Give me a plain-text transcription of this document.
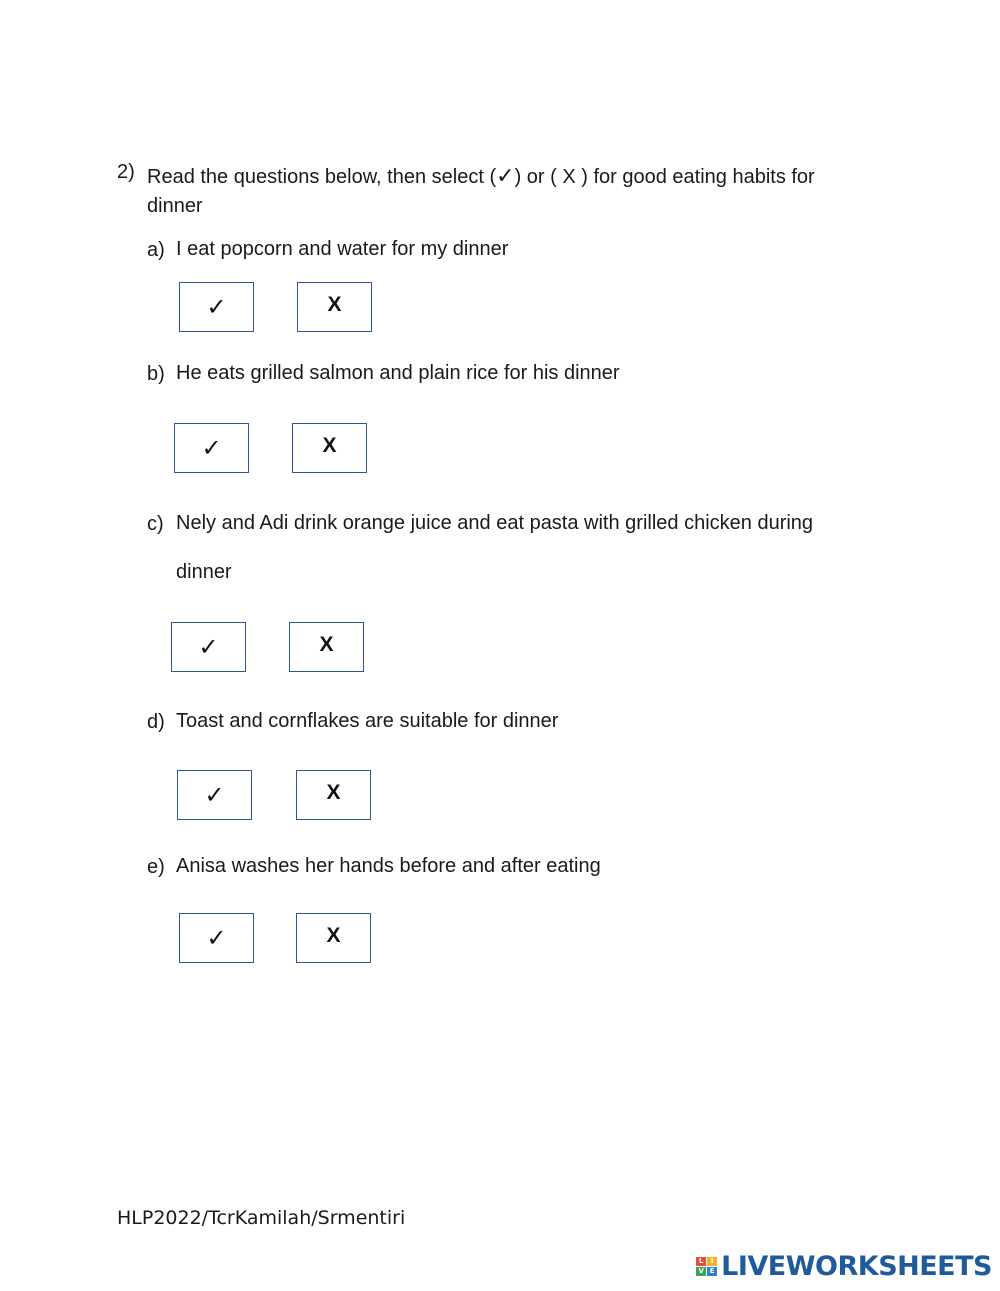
2) Read the questions below, then select (✓) or ( X ) for good eating habits for
dinner
a) I eat popcorn and water for my dinner
✓	X
b) He eats grilled salmon and plain rice for his dinner
✓	X
c) Nely and Adi drink orange juice and eat pasta with grilled chicken during
dinner
✓	X
d) Toast and cornflakes are suitable for dinner
✓	X
e) Anisa washes her hands before and after eating
✓	X
HLP2022/TcrKamilah/Srmentiri
L	I
V E LIVEWORKSHEETS
